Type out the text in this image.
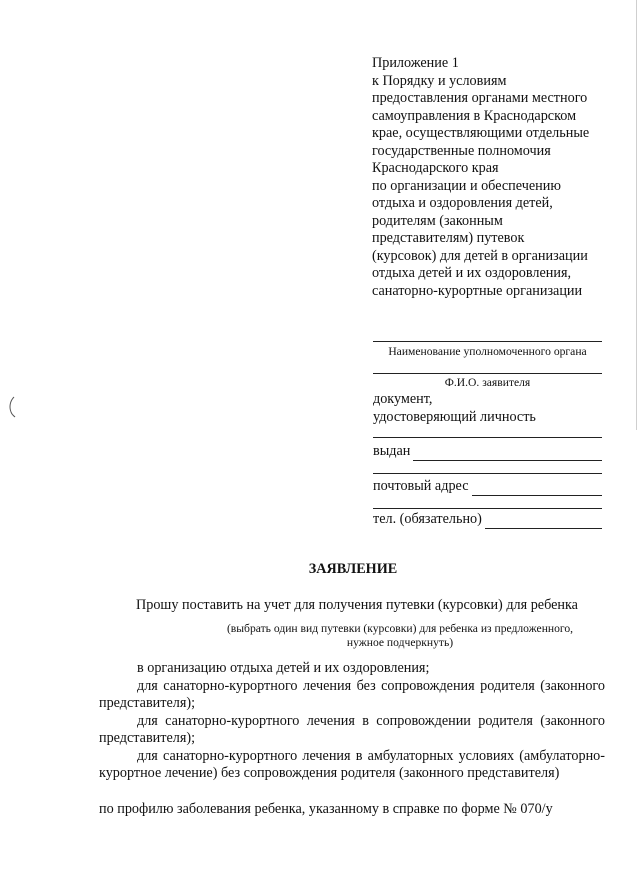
Приложение 1
к Порядку и условиям
предоставления органами местного
самоуправления в Краснодарском
крае, осуществляющими отдельные
государственные полномочия
Краснодарского края
по организации и обеспечению
отдыха и оздоровления детей,
родителям (законным
представителям) путевок
(курсовок) для детей в организации
отдыха детей и их оздоровления,
санаторно-курортные организации
Наименование уполномоченного органа
Ф.И.О. заявителя
документ,
удостоверяющий личность
выдан
почтовый адрес
тел. (обязательно)
ЗАЯВЛЕНИЕ
Прошу поставить на учет для получения путевки (курсовки) для ребенка
(выбрать один вид путевки (курсовки) для ребенка из предложенного,
нужное подчеркнуть)

в организацию отдыха детей и их оздоровления;

для санаторно-курортного лечения без сопровождения родителя (законного представителя);

для санаторно-курортного лечения в сопровождении родителя (законного представителя);

для санаторно-курортного лечения в амбулаторных условиях (амбулаторно-курортное лечение) без сопровождения родителя (законного представителя)

по профилю заболевания ребенка, указанному в справке по форме № 070/у
